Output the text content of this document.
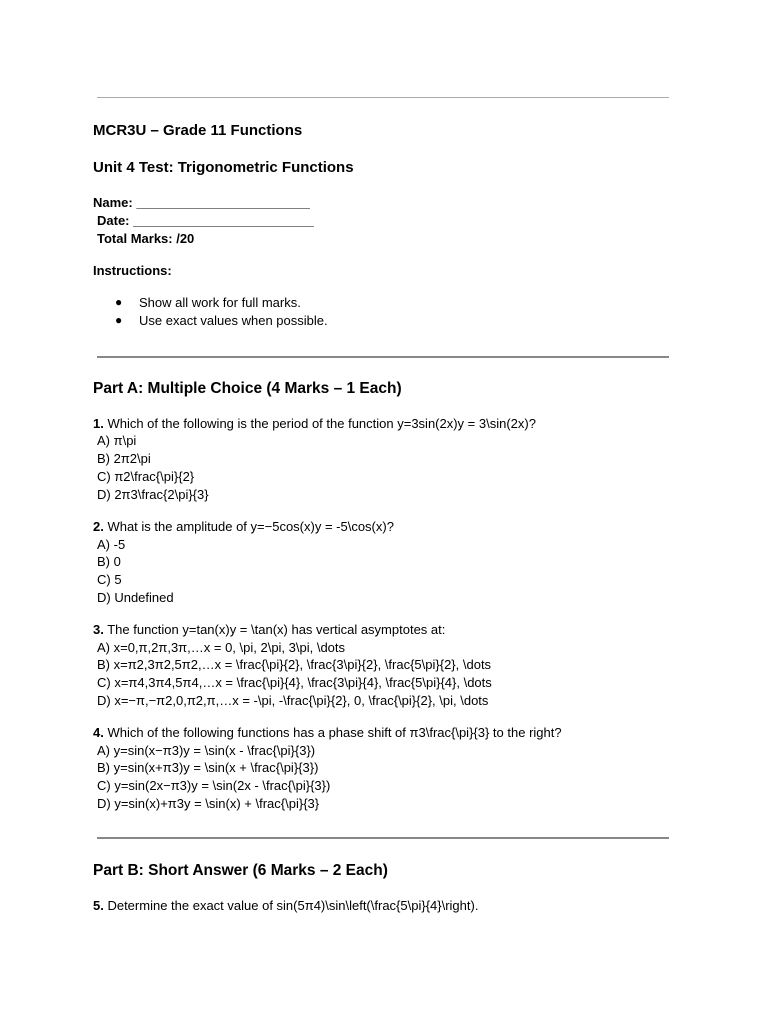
MCR3U – Grade 11 Functions
Unit 4 Test: Trigonometric Functions
Name: ________________________
Date: _________________________
Total Marks: /20
Instructions:
● Show all work for full marks.
● Use exact values when possible.
Part A: Multiple Choice (4 Marks – 1 Each)
1. Which of the following is the period of the function y=3sin(2x)y = 3\sin(2x)?
A) π\pi
B) 2π2\pi
C) π2\frac{\pi}{2}
D) 2π3\frac{2\pi}{3}
2. What is the amplitude of y=−5cos(x)y = -5\cos(x)?
A) -5
B) 0
C) 5
D) Undefined
3. The function y=tan(x)y = \tan(x) has vertical asymptotes at:
A) x=0,π,2π,3π,…x = 0, \pi, 2\pi, 3\pi, \dots
B) x=π2,3π2,5π2,…x = \frac{\pi}{2}, \frac{3\pi}{2}, \frac{5\pi}{2}, \dots
C) x=π4,3π4,5π4,…x = \frac{\pi}{4}, \frac{3\pi}{4}, \frac{5\pi}{4}, \dots
D) x=−π,−π2,0,π2,π,…x = -\pi, -\frac{\pi}{2}, 0, \frac{\pi}{2}, \pi, \dots
4. Which of the following functions has a phase shift of π3\frac{\pi}{3} to the right?
A) y=sin(x−π3)y = \sin(x - \frac{\pi}{3})
B) y=sin(x+π3)y = \sin(x + \frac{\pi}{3})
C) y=sin(2x−π3)y = \sin(2x - \frac{\pi}{3})
D) y=sin(x)+π3y = \sin(x) + \frac{\pi}{3}
Part B: Short Answer (6 Marks – 2 Each)
5. Determine the exact value of sin(5π4)\sin\left(\frac{5\pi}{4}\right).
